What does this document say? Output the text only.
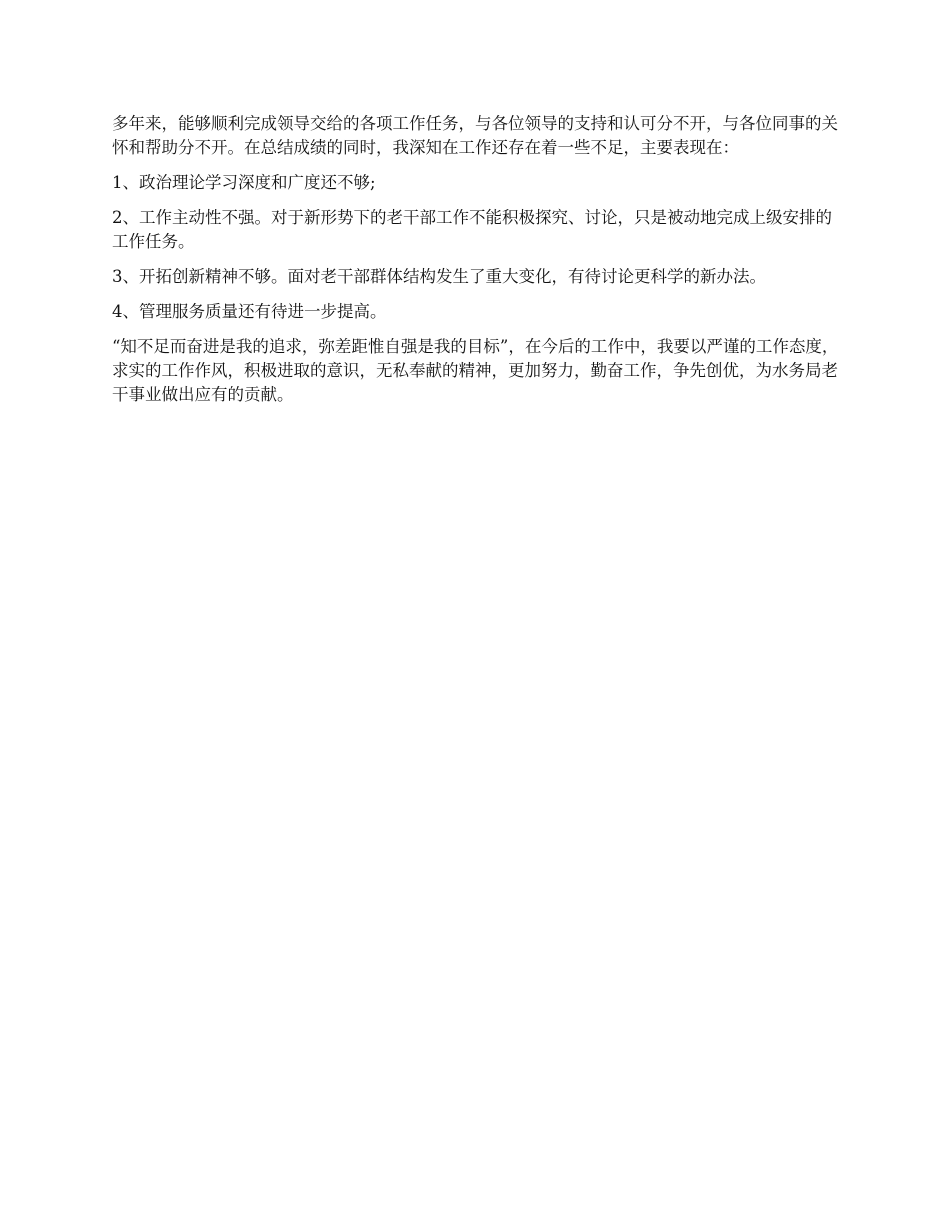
多年来，能够顺利完成领导交给的各项工作任务，与各位领导的支持和认可分不开，与各位同事的关怀和帮助分不开。在总结成绩的同时，我深知在工作还存在着一些不足，主要表现在：

1、政治理论学习深度和广度还不够;

2、工作主动性不强。对于新形势下的老干部工作不能积极探究、讨论，只是被动地完成上级安排的工作任务。

3、开拓创新精神不够。面对老干部群体结构发生了重大变化，有待讨论更科学的新办法。

4、管理服务质量还有待进一步提高。

“知不足而奋进是我的追求，弥差距惟自强是我的目标”，在今后的工作中，我要以严谨的工作态度，求实的工作作风，积极进取的意识，无私奉献的精神，更加努力，勤奋工作，争先创优，为水务局老干事业做出应有的贡献。
